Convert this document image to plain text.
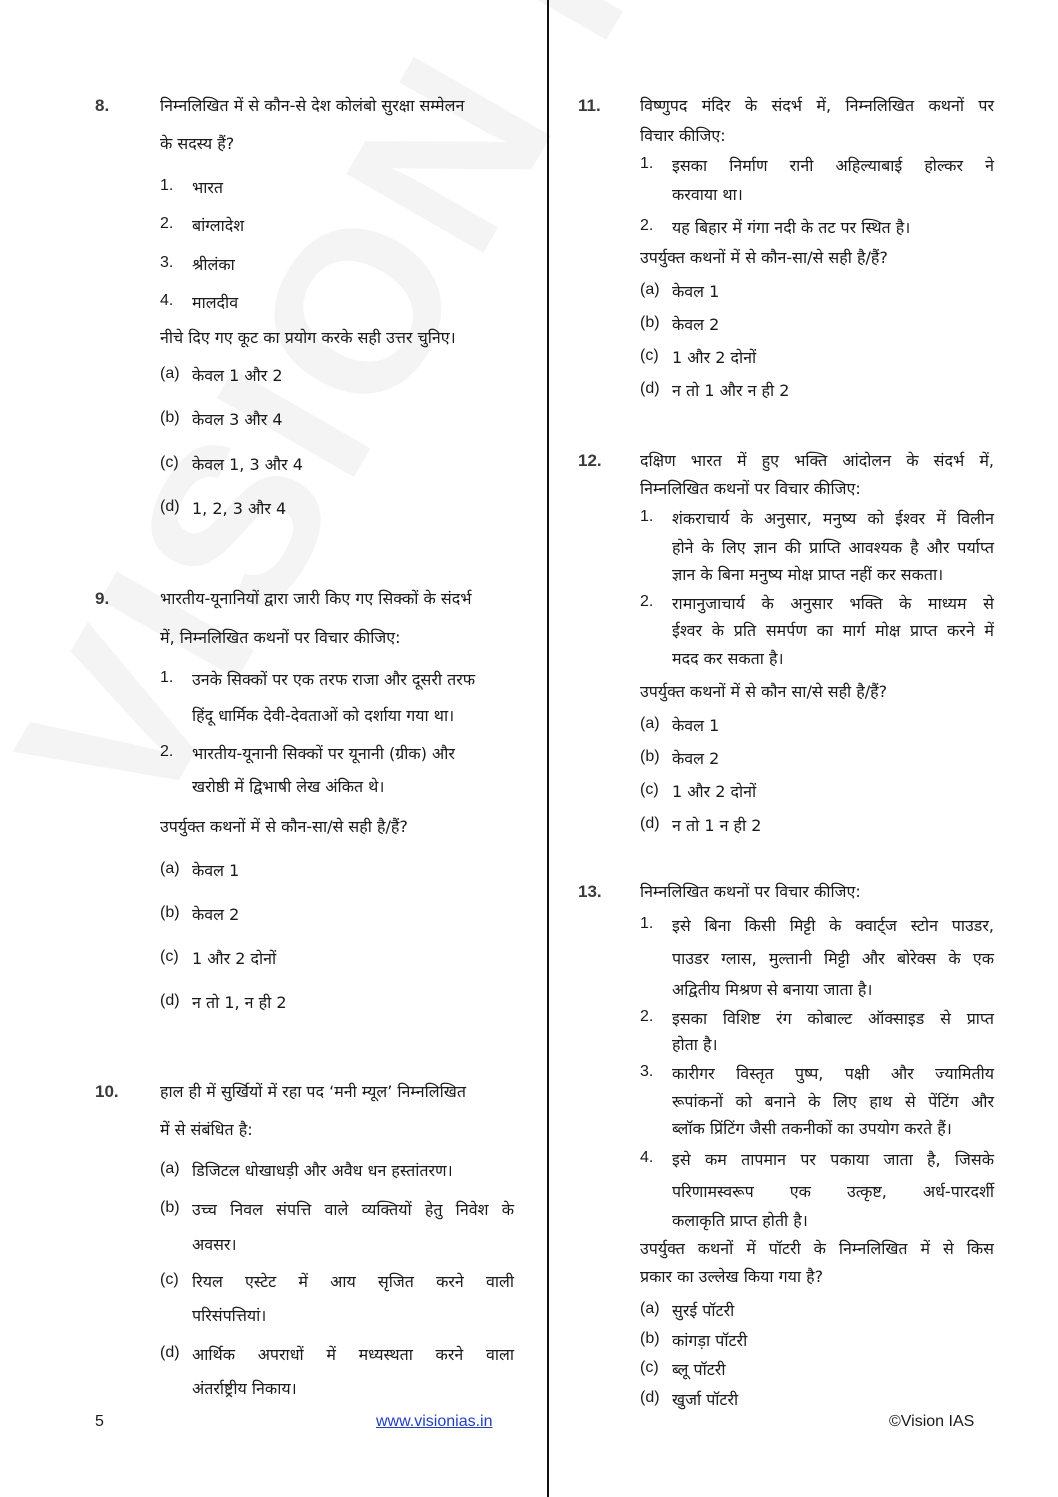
8.	निम्नलिखित में से कौन-से देश कोलंबो सुरक्षा सम्मेलन
के सदस्य हैं?
1. भारत
2. बांग्लादेश
3. श्रीलंका
4. मालदीव
नीचे दिए गए कूट का प्रयोग करके सही उत्तर चुनिए।
(a) केवल 1 और 2
(b) केवल 3 और 4
(c) केवल 1, 3 और 4
(d) 1, 2, 3 और 4
9.	भारतीय-यूनानियों द्वारा जारी किए गए सिक्कों के संदर्भ
में, निम्नलिखित कथनों पर विचार कीजिए:
1. उनके सिक्कों पर एक तरफ राजा और दूसरी तरफ
हिंदू धार्मिक देवी-देवताओं को दर्शाया गया था।
2. भारतीय-यूनानी सिक्कों पर यूनानी (ग्रीक) और
खरोष्ठी में द्विभाषी लेख अंकित थे।
उपर्युक्त कथनों में से कौन-सा/से सही है/हैं?
(a) केवल 1
(b) केवल 2
(c) 1 और 2 दोनों
(d) न तो 1, न ही 2
10.	हाल ही में सुर्खियों में रहा पद ‘मनी म्यूल’ निम्नलिखित
में से संबंधित है:
(a) डिजिटल धोखाधड़ी और अवैध धन हस्तांतरण।
(b) उच्च निवल संपत्ति वाले व्यक्तियों हेतु निवेश के
अवसर।
(c) रियल एस्टेट में आय सृजित करने वाली
परिसंपत्तियां।
(d) आर्थिक अपराधों में मध्यस्थता करने वाला
अंतर्राष्ट्रीय निकाय।
11. विष्णुपद मंदिर के संदर्भ में, निम्नलिखित कथनों पर
विचार कीजिए:
1. इसका निर्माण रानी अहिल्याबाई होल्कर ने
करवाया था।
2. यह बिहार में गंगा नदी के तट पर स्थित है।
उपर्युक्त कथनों में से कौन-सा/से सही है/हैं?
(a) केवल 1
(b) केवल 2
(c) 1 और 2 दोनों
(d) न तो 1 और न ही 2
12. दक्षिण भारत में हुए भक्ति आंदोलन के संदर्भ में,
निम्नलिखित कथनों पर विचार कीजिए:
1. शंकराचार्य के अनुसार, मनुष्य को ईश्वर में विलीन
होने के लिए ज्ञान की प्राप्ति आवश्यक है और पर्याप्त
ज्ञान के बिना मनुष्य मोक्ष प्राप्त नहीं कर सकता।
2. रामानुजाचार्य के अनुसार भक्ति के माध्यम से
ईश्वर के प्रति समर्पण का मार्ग मोक्ष प्राप्त करने में
मदद कर सकता है।
उपर्युक्त कथनों में से कौन सा/से सही है/हैं?
(a) केवल 1
(b) केवल 2
(c) 1 और 2 दोनों
(d) न तो 1 न ही 2
13. निम्नलिखित कथनों पर विचार कीजिए:
1. इसे बिना किसी मिट्टी के क्वार्ट्ज स्टोन पाउडर,
पाउडर ग्लास, मुल्तानी मिट्टी और बोरेक्स के एक
अद्वितीय मिश्रण से बनाया जाता है।
2. इसका विशिष्ट रंग कोबाल्ट ऑक्साइड से प्राप्त
होता है।
3. कारीगर विस्तृत पुष्प, पक्षी और ज्यामितीय
रूपांकनों को बनाने के लिए हाथ से पेंटिंग और
ब्लॉक प्रिंटिंग जैसी तकनीकों का उपयोग करते हैं।
4. इसे कम तापमान पर पकाया जाता है, जिसके
परिणामस्वरूप एक उत्कृष्ट, अर्ध-पारदर्शी
कलाकृति प्राप्त होती है।
उपर्युक्त कथनों में पॉटरी के निम्नलिखित में से किस
प्रकार का उल्लेख किया गया है?
(a) सुरई पॉटरी
(b) कांगड़ा पॉटरी
(c) ब्लू पॉटरी
(d) खुर्जा पॉटरी
5	www.visionias.in	©Vision IAS
